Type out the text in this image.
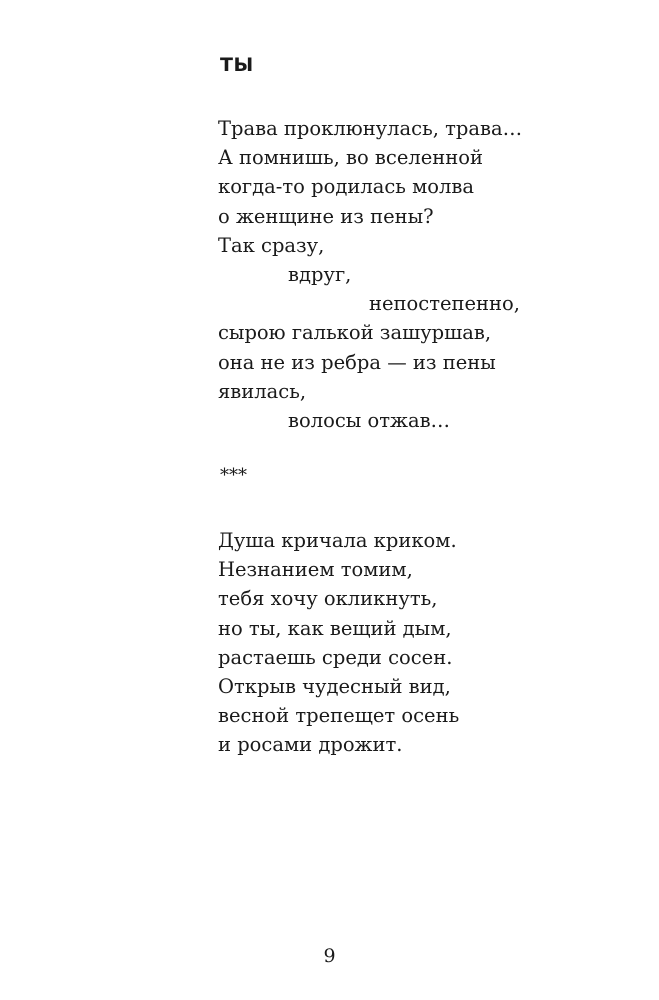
ТЫ
Трава проклюнулась, трава…
А помнишь, во вселенной
когда-то родилась молва
о женщине из пены?
Так сразу,
вдруг,
непостепенно,
сырою галькой зашуршав,
она не из ребра — из пены
явилась,
волосы отжав…

***

Душа кричала криком.
Незнанием томим,
тебя хочу окликнуть,
но ты, как вещий дым,
растаешь среди сосен.
Открыв чудесный вид,
весной трепещет осень
и росами дрожит.

9
